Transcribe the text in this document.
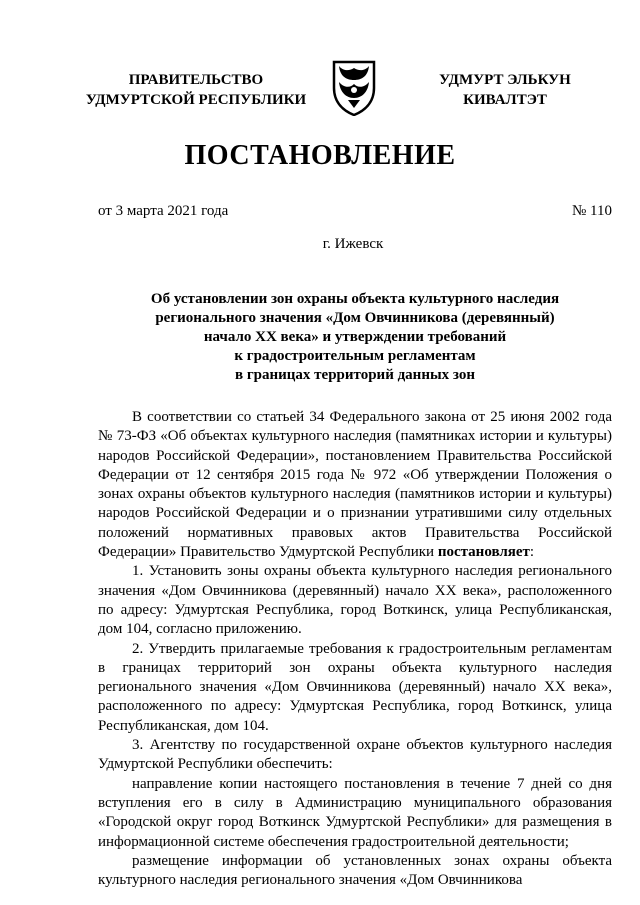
ПРАВИТЕЛЬСТВО
УДМУРТСКОЙ РЕСПУБЛИКИ
УДМУРТ ЭЛЬКУН
КИВАЛТЭТ
ПОСТАНОВЛЕНИЕ
от 3 марта 2021 года	№ 110
г. Ижевск
Об установлении зон охраны объекта культурного наследия
регионального значения «Дом Овчинникова (деревянный)
начало XX века» и утверждении требований
к градостроительным регламентам
в границах территорий данных зон

В соответствии со статьей 34 Федерального закона от 25 июня 2002 года № 73-ФЗ «Об объектах культурного наследия (памятниках истории и культуры) народов Российской Федерации», постановлением Правительства Российской Федерации от 12 сентября 2015 года № 972 «Об утверждении Положения о зонах охраны объектов культурного наследия (памятников истории и культуры) народов Российской Федерации и о признании утратившими силу отдельных положений нормативных правовых актов Правительства Российской Федерации» Правительство Удмуртской Республики постановляет:

1. Установить зоны охраны объекта культурного наследия регионального значения «Дом Овчинникова (деревянный) начало XX века», расположенного по адресу: Удмуртская Республика, город Воткинск, улица Республиканская, дом 104, согласно приложению.

2. Утвердить прилагаемые требования к градостроительным регламентам в границах территорий зон охраны объекта культурного наследия регионального значения «Дом Овчинникова (деревянный) начало XX века», расположенного по адресу: Удмуртская Республика, город Воткинск, улица Республиканская, дом 104.

3. Агентству по государственной охране объектов культурного наследия Удмуртской Республики обеспечить:

направление копии настоящего постановления в течение 7 дней со дня вступления его в силу в Администрацию муниципального образования «Городской округ город Воткинск Удмуртской Республики» для размещения в информационной системе обеспечения градостроительной деятельности;

размещение информации об установленных зонах охраны объекта культурного наследия регионального значения «Дом Овчинникова
